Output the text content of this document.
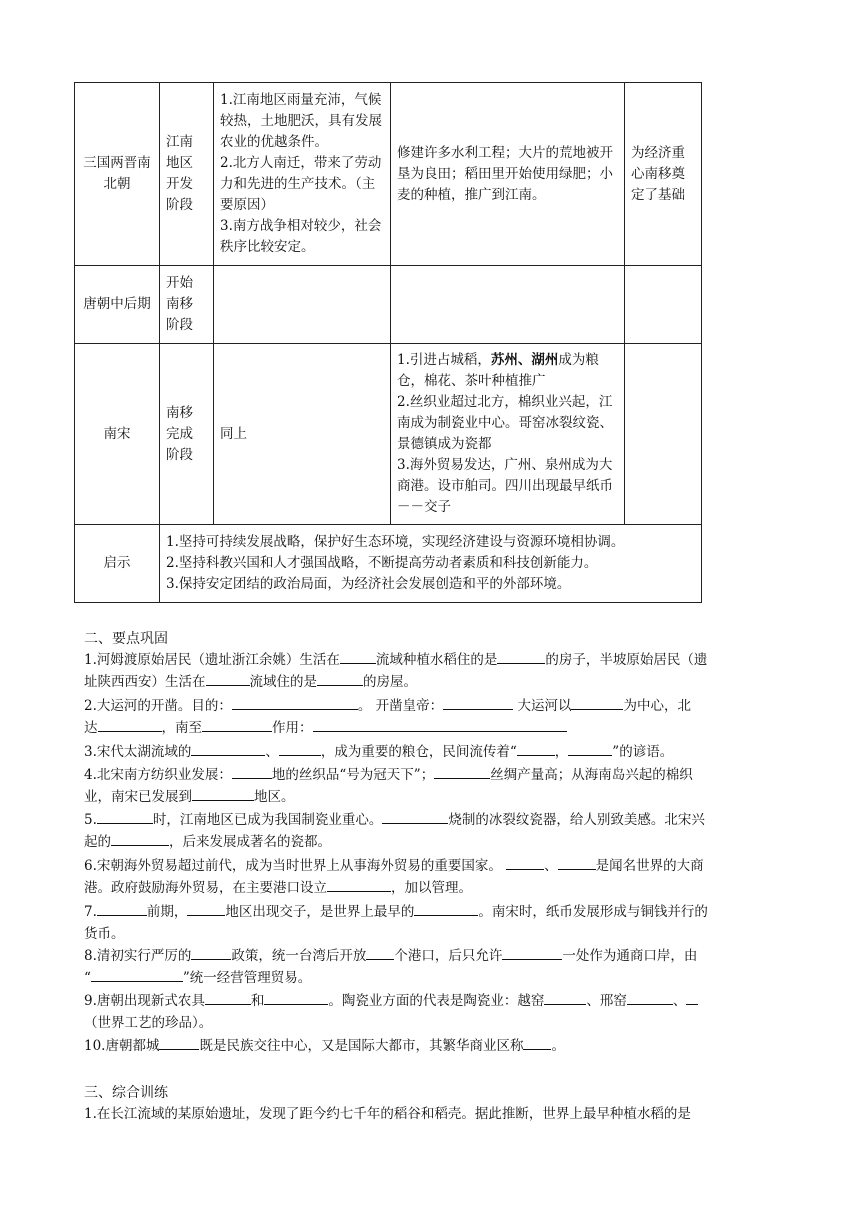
三国两晋南北朝	江南
地区
开发
阶段	1.江南地区雨量充沛，气候较热，土地肥沃，具有发展农业的优越条件。
2.北方人南迁，带来了劳动力和先进的生产技术。（主要原因）
3.南方战争相对较少，社会秩序比较安定。	修建许多水利工程；大片的荒地被开垦为良田；稻田里开始使用绿肥；小麦的种植，推广到江南。	为经济重心南移奠定了基础
唐朝中后期	开始
南移
阶段			

南宋	南移
完成
阶段	同上	1.引进占城稻，苏州、湖州成为粮仓，棉花、茶叶种植推广
2.丝织业超过北方，棉织业兴起，江南成为制瓷业中心。哥窑冰裂纹瓷、景德镇成为瓷都
3.海外贸易发达，广州、泉州成为大商港。设市舶司。四川出现最早纸币－－交子	

启示	1.坚持可持续发展战略，保护好生态环境，实现经济建设与资源环境相协调。
2.坚持科教兴国和人才强国战略，不断提高劳动者素质和科技创新能力。
3.保持安定团结的政治局面，为经济社会发展创造和平的外部环境。			
二、要点巩固
1.河姆渡原始居民（遗址浙江余姚）生活在	流域种植水稻住的是	的房子，半坡原始居民（遗
址陕西西安）生活在	流域住的是	的房屋。
2.大运河的开凿。目的：	。 开凿皇帝：	大运河以	为中心，北
达	，南至	作用：
3.宋代太湖流域的	、	，成为重要的粮仓，民间流传着“	，	”的谚语。
4.北宋南方纺织业发展：	地的丝织品“号为冠天下”；	丝绸产量高；从海南岛兴起的棉织
业，南宋已发展到	地区。
5.	时，江南地区已成为我国制瓷业重心。	烧制的冰裂纹瓷器，给人别致美感。北宋兴
起的	，后来发展成著名的瓷都。
6.宋朝海外贸易超过前代，成为当时世界上从事海外贸易的重要国家。	、	是闻名世界的大商
港。政府鼓励海外贸易，在主要港口设立	，加以管理。
7.	前期，	地区出现交子，是世界上最早的	。南宋时，纸币发展形成与铜钱并行的
货币。
8.清初实行严厉的	政策，统一台湾后开放 个港口，后只允许	一处作为通商口岸，由
“	”统一经营管理贸易。
9.唐朝出现新式农具	和	。陶瓷业方面的代表是陶瓷业：越窑	、邢窑	、
（世界工艺的珍品）。
10.唐朝都城	既是民族交往中心，又是国际大都市，其繁华商业区称 。
三、综合训练
1.在长江流域的某原始遗址，发现了距今约七千年的稻谷和稻壳。据此推断，世界上最早种植水稻的是
